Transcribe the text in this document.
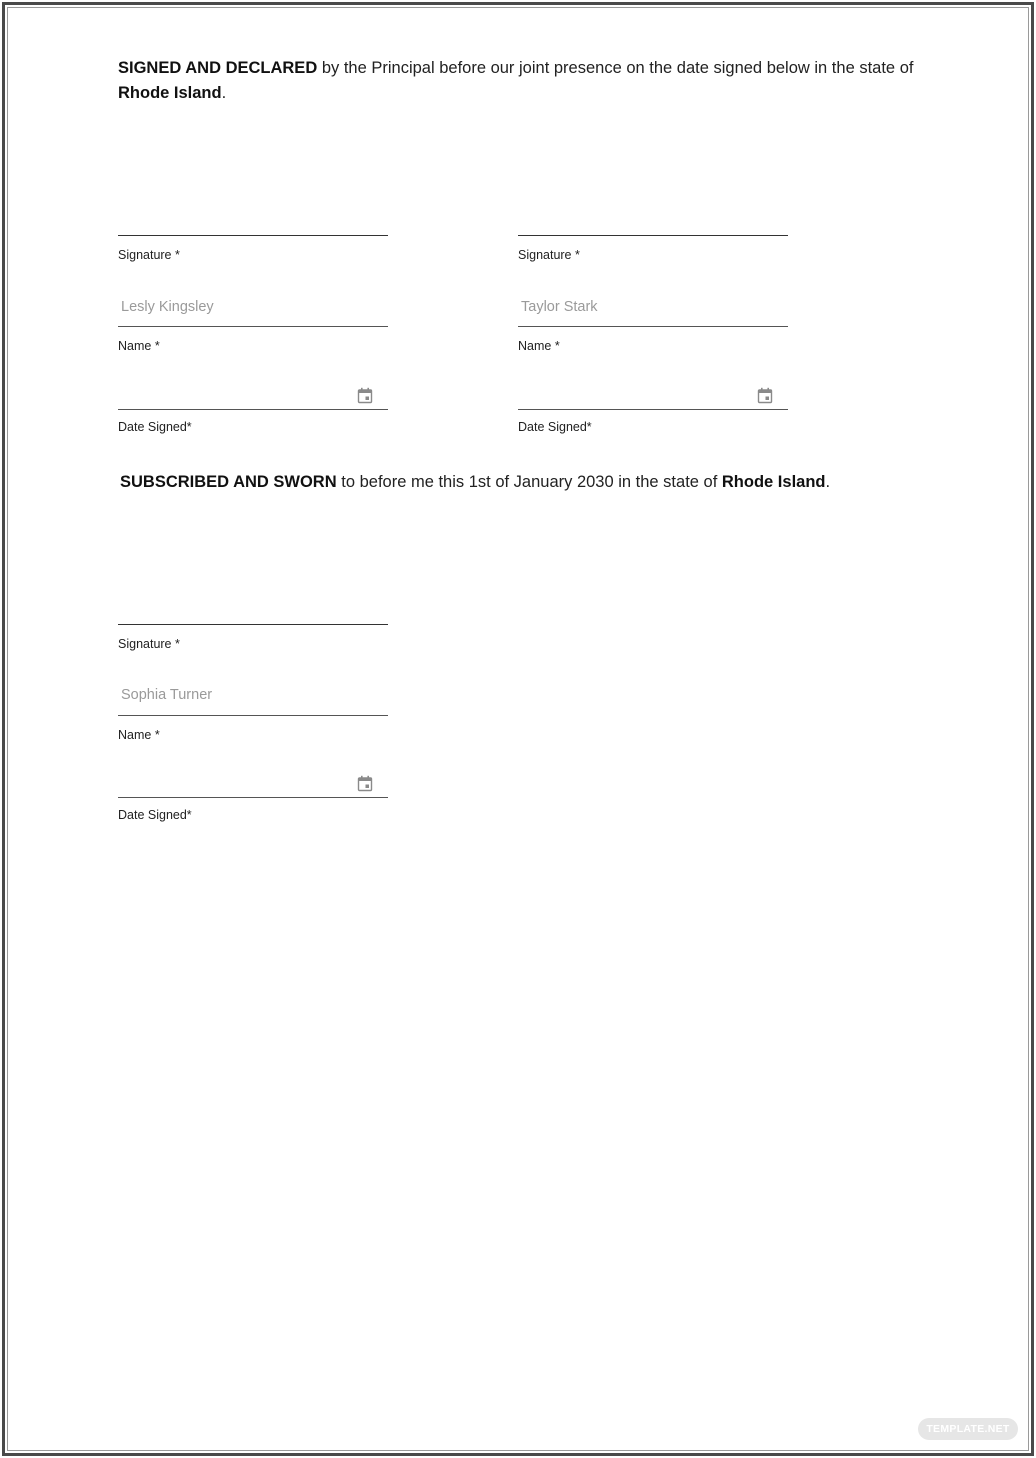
SIGNED AND DECLARED by the Principal before our joint presence on the date signed below in the state of Rhode Island.
Signature *
Lesly Kingsley
Name *
Date Signed*
Signature *
Taylor Stark
Name *
Date Signed*
SUBSCRIBED AND SWORN to before me this 1st of January 2030 in the state of Rhode Island.
Signature *
Sophia Turner
Name *
Date Signed*
TEMPLATE.NET
